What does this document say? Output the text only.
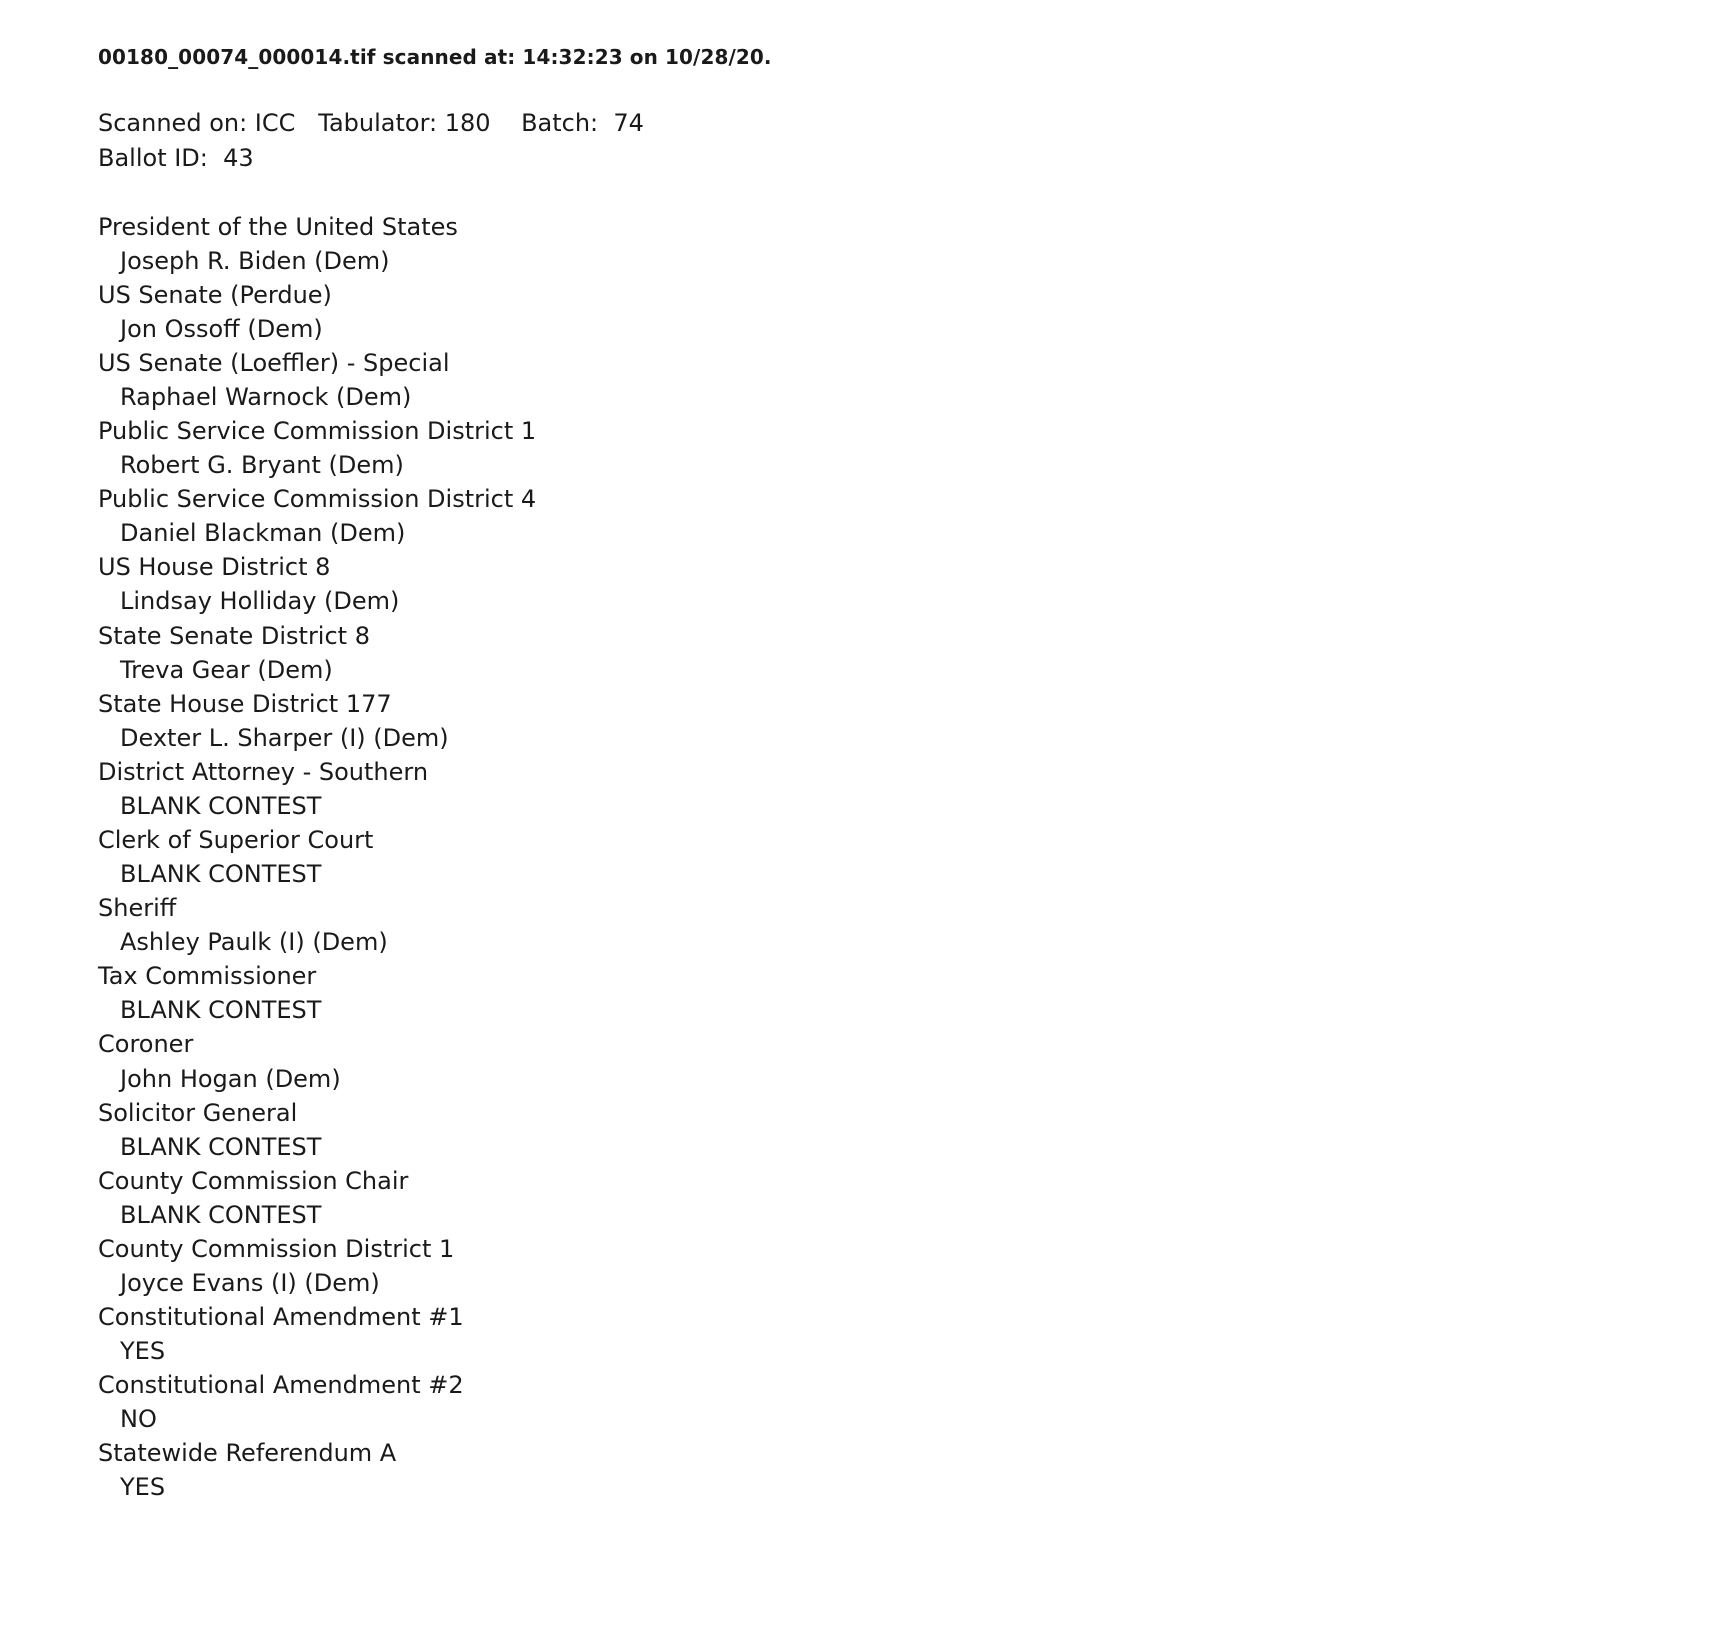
00180_00074_000014.tif scanned at: 14:32:23 on 10/28/20.
Scanned on: ICC   Tabulator: 180    Batch:  74
Ballot ID:  43
President of the United States
Joseph R. Biden (Dem)
US Senate (Perdue)
Jon Ossoff (Dem)
US Senate (Loeffler) - Special
Raphael Warnock (Dem)
Public Service Commission District 1
Robert G. Bryant (Dem)
Public Service Commission District 4
Daniel Blackman (Dem)
US House District 8
Lindsay Holliday (Dem)
State Senate District 8
Treva Gear (Dem)
State House District 177
Dexter L. Sharper (I) (Dem)
District Attorney - Southern
BLANK CONTEST
Clerk of Superior Court
BLANK CONTEST
Sheriff
Ashley Paulk (I) (Dem)
Tax Commissioner
BLANK CONTEST
Coroner
John Hogan (Dem)
Solicitor General
BLANK CONTEST
County Commission Chair
BLANK CONTEST
County Commission District 1
Joyce Evans (I) (Dem)
Constitutional Amendment #1
YES
Constitutional Amendment #2
NO
Statewide Referendum A
YES
